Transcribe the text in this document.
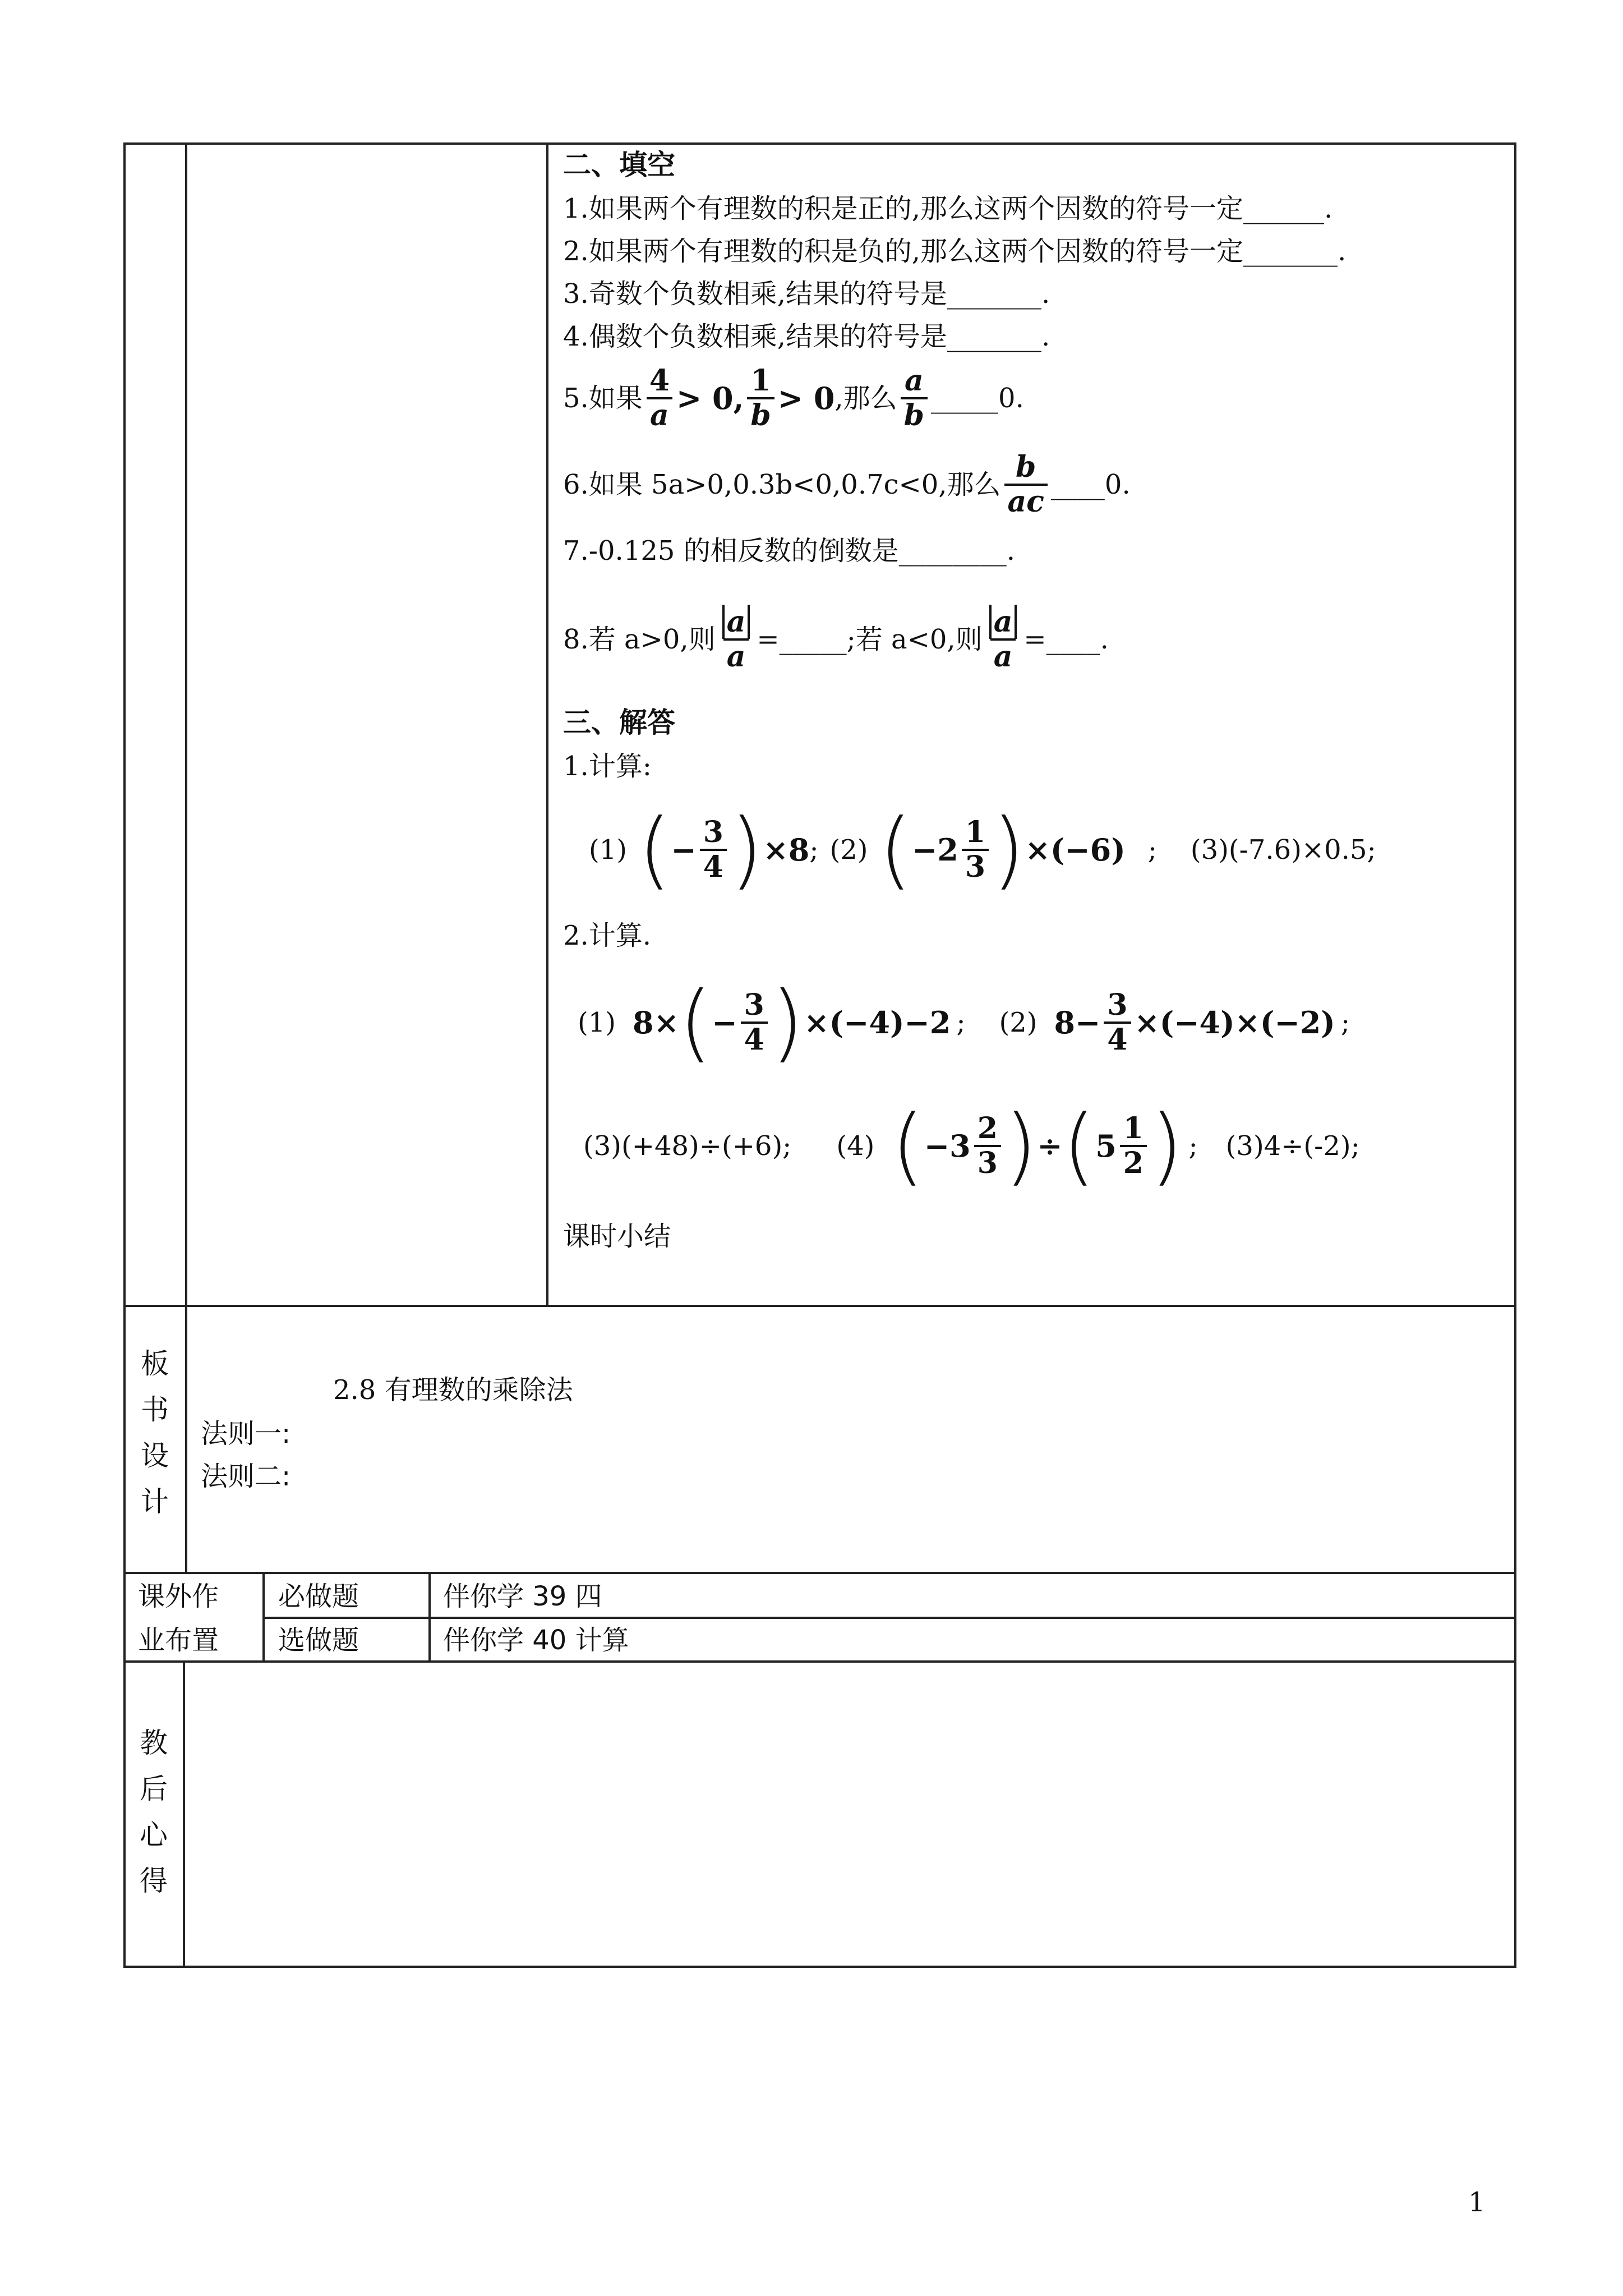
二、填空
1.如果两个有理数的积是正的,那么这两个因数的符号一定______.
2.如果两个有理数的积是负的,那么这两个因数的符号一定_______.
3.奇数个负数相乘,结果的符号是_______.
4.偶数个负数相乘,结果的符号是_______.
5.如果 $\frac{4}{a} > 0$, $\frac{1}{b} > 0$ ,那么 $\frac{a}{b}$ _____0.
6.如果 5a>0,0.3b<0,0.7c<0,那么 $\frac{b}{ac}$ ____0.
7.-0.125 的相反数的倒数是________.
8.若 a>0,则 $\frac{a}{a}$ =_____;若 a<0,则 $\frac{a}{a}$ =____.
三、解答
1.计算:
(1) ( − $\frac{3}{4}$ ) ×8 ; (2) ( $-2 \frac{1}{3}$ ) ×(−6) ; (3)(-7.6)×0.5;
2.计算.
(1) 8× ( − $\frac{3}{4}$ ) ×(−4)−2 ; (2) $8- \frac{3}{4} \times(-4)\times(-2)$ ;
(3)(+48)÷(+6); (4) ( $-3 \frac{2}{3}$ ) ÷ ( $5 \frac{1}{2}$ ) ; (3)4÷(-2);
课时小结
板书设计
2.8 有理数的乘除法
法则一:
法则二:
课外作
业布置
必做题	伴你学 39 四
选做题	伴你学 40 计算
教后心得
1
